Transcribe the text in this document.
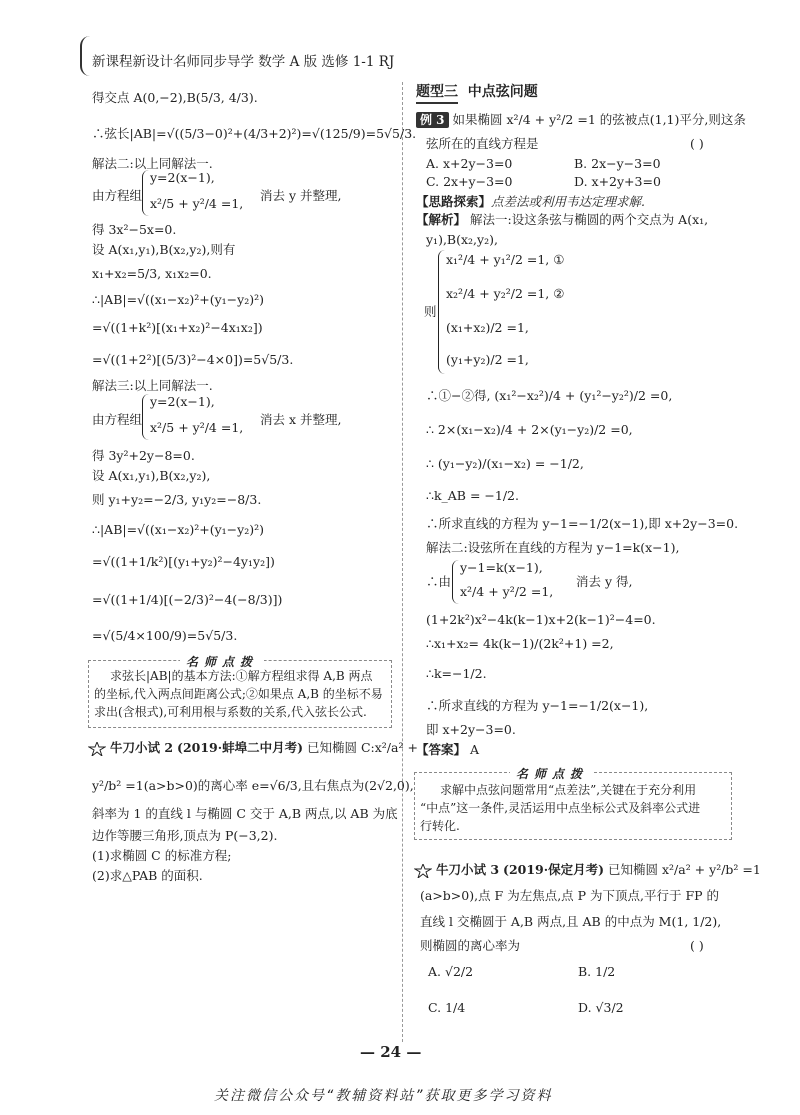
新课程新设计名师同步导学 数学 A 版 选修 1-1 RJ
得交点 A(0,−2),B(5/3, 4/3).
∴弦长|AB|=√((5/3−0)²+(4/3+2)²)=√(125/9)=5√5/3.
解法二:以上同解法一.
由方程组
y=2(x−1),
x²/5 + y²/4 =1,
消去 y 并整理,
得 3x²−5x=0.
设 A(x₁,y₁),B(x₂,y₂),则有
x₁+x₂=5/3, x₁x₂=0.
∴|AB|=√((x₁−x₂)²+(y₁−y₂)²)
=√((1+k²)[(x₁+x₂)²−4x₁x₂])
=√((1+2²)[(5/3)²−4×0])=5√5/3.
解法三:以上同解法一.
由方程组
y=2(x−1),
x²/5 + y²/4 =1,
消去 x 并整理,
得 3y²+2y−8=0.
设 A(x₁,y₁),B(x₂,y₂),
则 y₁+y₂=−2/3, y₁y₂=−8/3.
∴|AB|=√((x₁−x₂)²+(y₁−y₂)²)
=√((1+1/k²)[(y₁+y₂)²−4y₁y₂])
=√((1+1/4)[(−2/3)²−4(−8/3)])
=√(5/4×100/9)=5√5/3.
名师点拨
求弦长|AB|的基本方法:①解方程组求得 A,B 两点
的坐标,代入两点间距离公式;②如果点 A,B 的坐标不易
求出(含根式),可利用根与系数的关系,代入弦长公式.
牛刀小试 2 (2019·蚌埠二中月考) 已知椭圆 C:x²/a² +
y²/b² =1(a>b>0)的离心率 e=√6/3,且右焦点为(2√2,0),
斜率为 1 的直线 l 与椭圆 C 交于 A,B 两点,以 AB 为底
边作等腰三角形,顶点为 P(−3,2).
(1)求椭圆 C 的标准方程;
(2)求△PAB 的面积.
题型三 中点弦问题
例 3 如果椭圆 x²/4 + y²/2 =1 的弦被点(1,1)平分,则这条
弦所在的直线方程是	( )
A. x+2y−3=0	B. 2x−y−3=0
C. 2x+y−3=0	D. x+2y+3=0
【思路探索】点差法或利用韦达定理求解.
【解析】 解法一:设这条弦与椭圆的两个交点为 A(x₁,
y₁),B(x₂,y₂),
则
x₁²/4 + y₁²/2 =1, ①
x₂²/4 + y₂²/2 =1, ②
(x₁+x₂)/2 =1,
(y₁+y₂)/2 =1,
∴①−②得, (x₁²−x₂²)/4 + (y₁²−y₂²)/2 =0,
∴ 2×(x₁−x₂)/4 + 2×(y₁−y₂)/2 =0,
∴ (y₁−y₂)/(x₁−x₂) = −1/2,
∴k_AB = −1/2.
∴所求直线的方程为 y−1=−1/2(x−1),即 x+2y−3=0.
解法二:设弦所在直线的方程为 y−1=k(x−1),
∴由
y−1=k(x−1),
x²/4 + y²/2 =1,
消去 y 得,
(1+2k²)x²−4k(k−1)x+2(k−1)²−4=0.
∴x₁+x₂= 4k(k−1)/(2k²+1) =2,
∴k=−1/2.
∴所求直线的方程为 y−1=−1/2(x−1),
即 x+2y−3=0.
【答案】 A
名师点拨
求解中点弦问题常用“点差法”,关键在于充分利用
“中点”这一条件,灵活运用中点坐标公式及斜率公式进
行转化.
牛刀小试 3 (2019·保定月考) 已知椭圆 x²/a² + y²/b² =1
(a>b>0),点 F 为左焦点,点 P 为下顶点,平行于 FP 的
直线 l 交椭圆于 A,B 两点,且 AB 的中点为 M(1, 1/2),
则椭圆的离心率为	( )
A. √2/2	B. 1/2
C. 1/4	D. √3/2
— 24 —
关注微信公众号“教辅资料站”获取更多学习资料
